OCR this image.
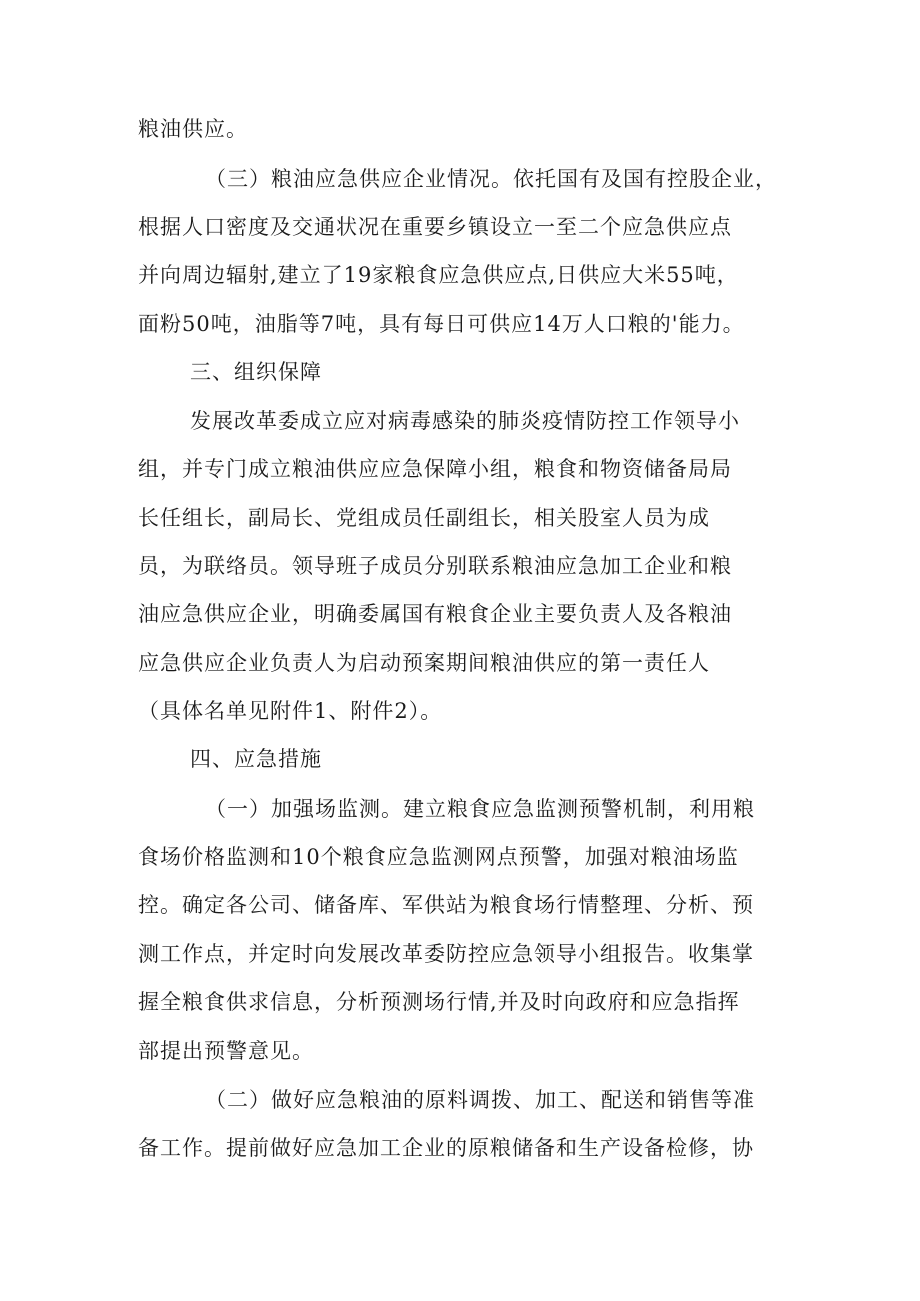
粮油供应。
（三）粮油应急供应企业情况。依托国有及国有控股企业，
根据人口密度及交通状况在重要乡镇设立一至二个应急供应点
并向周边辐射,建立了19家粮食应急供应点,日供应大米55吨，
面粉50吨，油脂等7吨，具有每日可供应14万人口粮的'能力。
三、组织保障
发展改革委成立应对病毒感染的肺炎疫情防控工作领导小
组，并专门成立粮油供应应急保障小组，粮食和物资储备局局
长任组长，副局长、党组成员任副组长，相关股室人员为成
员，为联络员。领导班子成员分别联系粮油应急加工企业和粮
油应急供应企业，明确委属国有粮食企业主要负责人及各粮油
应急供应企业负责人为启动预案期间粮油供应的第一责任人
（具体名单见附件1、附件2）。
四、应急措施
（一）加强场监测。建立粮食应急监测预警机制，利用粮
食场价格监测和10个粮食应急监测网点预警，加强对粮油场监
控。确定各公司、储备库、军供站为粮食场行情整理、分析、预
测工作点，并定时向发展改革委防控应急领导小组报告。收集掌
握全粮食供求信息，分析预测场行情,并及时向政府和应急指挥
部提出预警意见。
（二）做好应急粮油的原料调拨、加工、配送和销售等准
备工作。提前做好应急加工企业的原粮储备和生产设备检修，协
